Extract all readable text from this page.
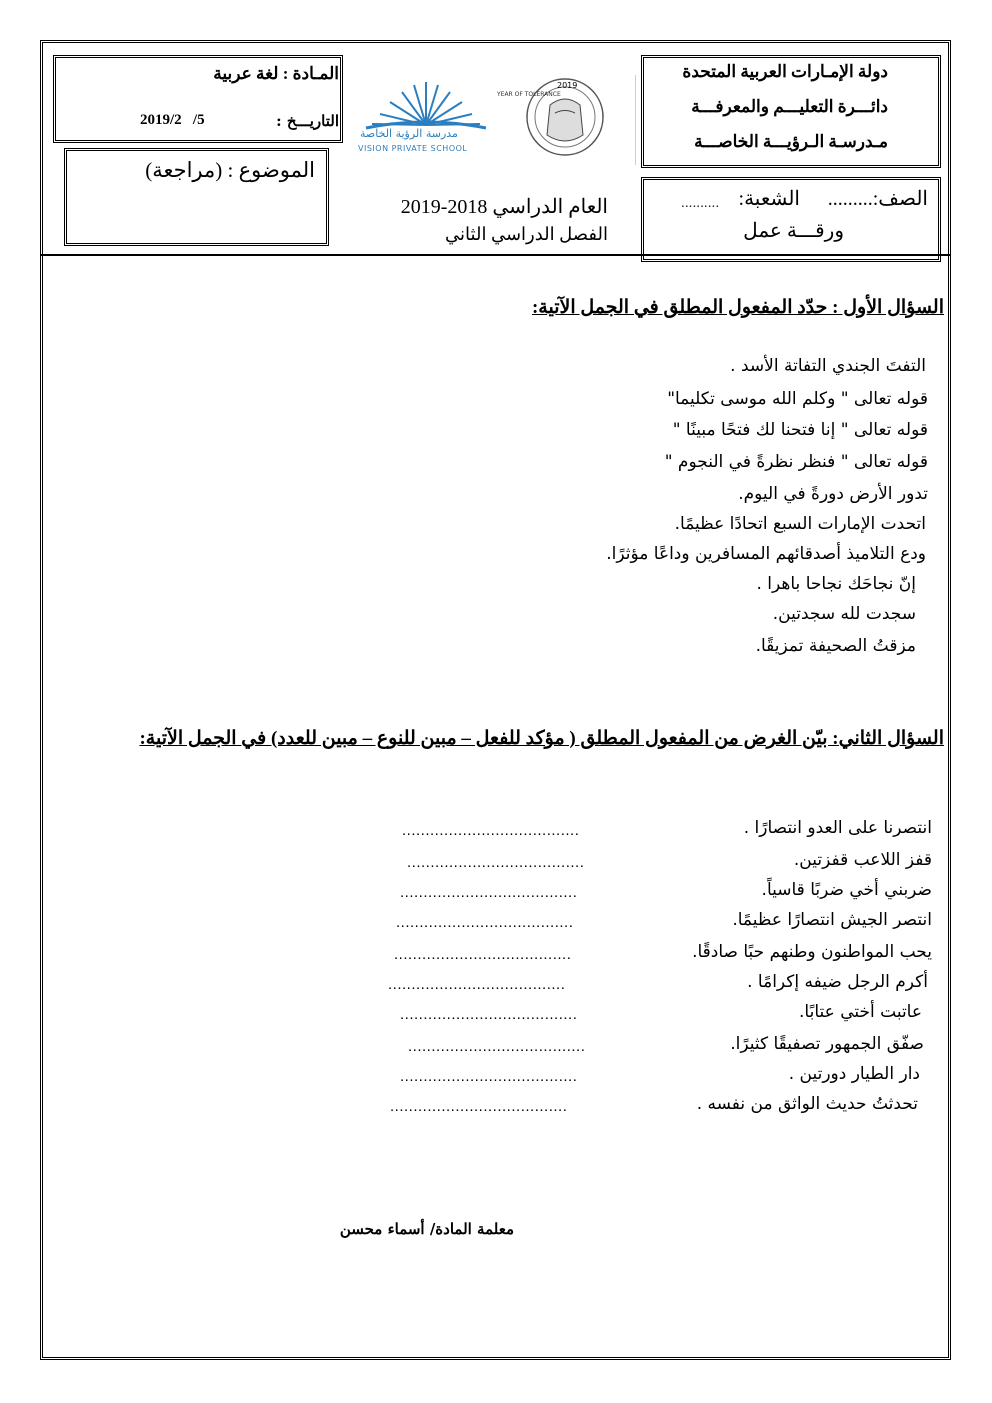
دولة الإمـارات العربية المتحدة
دائـــرة التعليـــم والمعرفـــة
مـدرسـة الـرؤيـــة الخاصـــة
الصف:.........
الشعبة:
..........
ورقـــة عمل
المـادة : لغة عربية
التاريـــخ :
2019/2 /5
الموضوع : (مراجعة)
العام الدراسي 2018-2019
الفصل الدراسي الثاني
مدرسة الرؤية الخاصة
VISION PRIVATE SCHOOL
2019
YEAR OF TOLERANCE
السؤال الأول : حدّد المفعول المطلق في الجمل الآتية:
التفتَ الجندي التفاتة الأسد .
قوله تعالى " وكلم الله موسى تكليما"
قوله تعالى " إنا فتحنا لك فتحًا مبينًا "
قوله تعالى " فنظر نظرةً في النجوم "
تدور الأرض دورةً في اليوم.
اتحدت الإمارات السبع اتحادًا عظيمًا.
ودع التلاميذ أصدقائهم المسافرين وداعًا مؤثرًا.
إنّ نجاحَك نجاحا باهرا .
سجدت لله سجدتين.
مزقتُ الصحيفة تمزيقًا.
السؤال الثاني: بيّن الغرض من المفعول المطلق ( مؤكد للفعل – مبين للنوع – مبين للعدد) في الجمل الآتية:
انتصرنا على العدو انتصارًا .
قفز اللاعب قفزتين.
ضربني أخي ضربًا قاسياً.
انتصر الجيش انتصارًا عظيمًا.
يحب المواطنون وطنهم حبًا صادقًا.
أكرم الرجل ضيفه إكرامًا .
عاتبت أختي عتابًا.
صفّق الجمهور تصفيقًا كثيرًا.
دار الطيار دورتين .
تحدثتُ حديث الواثق من نفسه .
......................................
......................................
......................................
......................................
......................................
......................................
......................................
......................................
......................................
......................................
معلمة المادة/ أسماء محسن
